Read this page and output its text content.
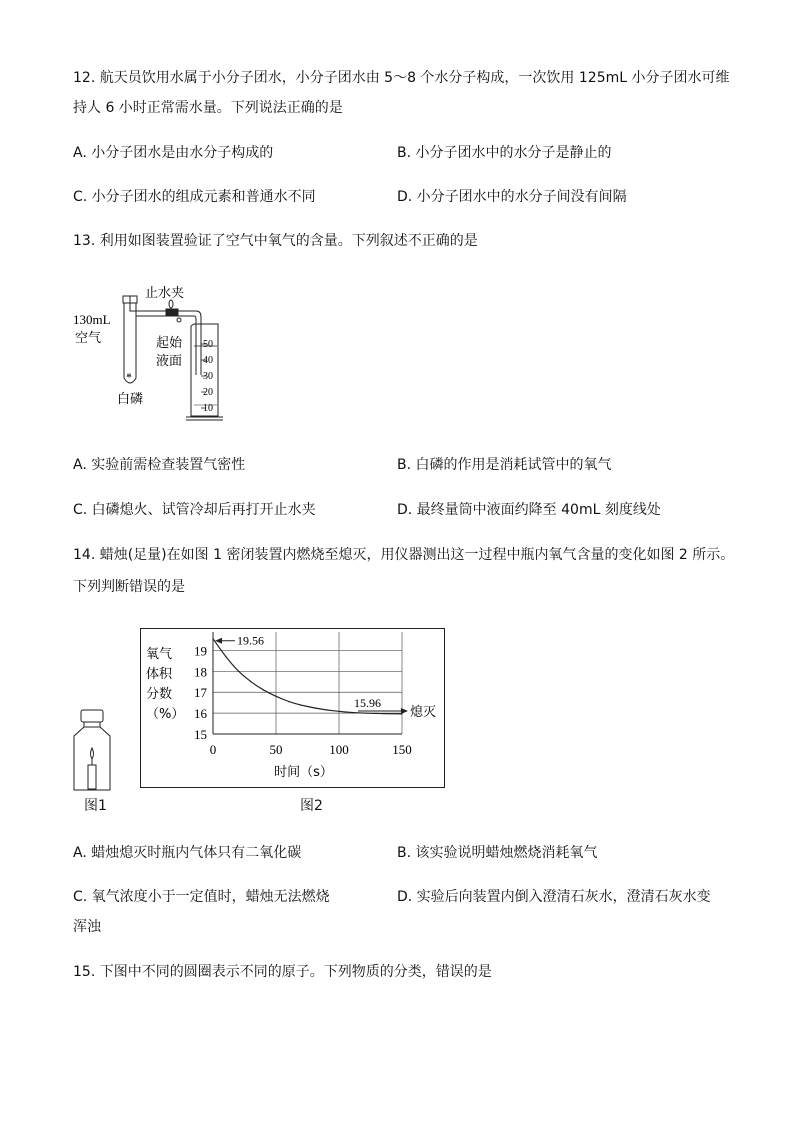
12. 航天员饮用水属于小分子团水，小分子团水由 5～8 个水分子构成，一次饮用 125mL 小分子团水可维
持人 6 小时正常需水量。下列说法正确的是
A. 小分子团水是由水分子构成的	B. 小分子团水中的水分子是静止的
C. 小分子团水的组成元素和普通水不同	D. 小分子团水中的水分子间没有间隔
13. 利用如图装置验证了空气中氧气的含量。下列叙述不正确的是
止水夹
130mL
空气	起始
液面
白磷
50
40
30
20
10
A. 实验前需检查装置气密性	B. 白磷的作用是消耗试管中的氧气
C. 白磷熄火、试管冷却后再打开止水夹	D. 最终量筒中液面约降至 40mL 刻度线处
14. 蜡烛(足量)在如图 1 密闭装置内燃烧至熄灭，用仪器测出这一过程中瓶内氧气含量的变化如图 2 所示。
下列判断错误的是
图1
氧气
体积
分数
（%）
15
16
17
18
19
0	50	100	150
时间（s）
19.56
15.96
熄灭
图2
A. 蜡烛熄灭时瓶内气体只有二氧化碳	B. 该实验说明蜡烛燃烧消耗氧气
C. 氧气浓度小于一定值时，蜡烛无法燃烧	D. 实验后向装置内倒入澄清石灰水，澄清石灰水变
浑浊
15. 下图中不同的圆圈表示不同的原子。下列物质的分类，错误的是
